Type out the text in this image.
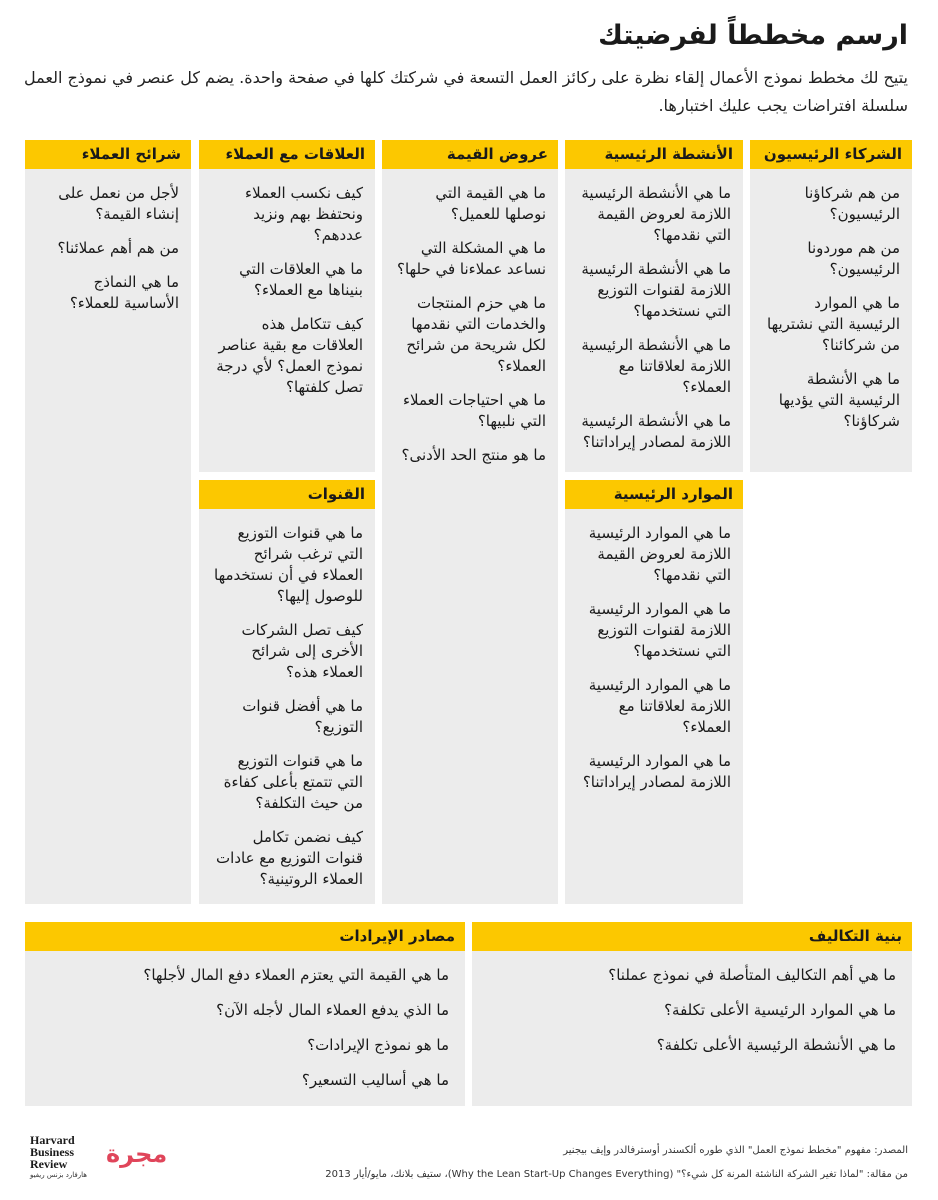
ارسم مخططاً لفرضيتك

يتيح لك مخطط نموذج الأعمال إلقاء نظرة على ركائز العمل التسعة في شركتك كلها في صفحة واحدة. يضم كل عنصر في نموذج العمل سلسلة افتراضات يجب عليك اختبارها.

الشركاء الرئيسيون

من هم شركاؤنا الرئيسيون؟

من هم موردونا الرئيسيون؟

ما هي الموارد الرئيسية التي نشتريها من شركائنا؟

ما هي الأنشطة الرئيسية التي يؤديها شركاؤنا؟

الأنشطة الرئيسية

ما هي الأنشطة الرئيسية اللازمة لعروض القيمة التي نقدمها؟

ما هي الأنشطة الرئيسية اللازمة لقنوات التوزيع التي نستخدمها؟

ما هي الأنشطة الرئيسية اللازمة لعلاقاتنا مع العملاء؟

ما هي الأنشطة الرئيسية اللازمة لمصادر إيراداتنا؟

الموارد الرئيسية

ما هي الموارد الرئيسية اللازمة لعروض القيمة التي نقدمها؟

ما هي الموارد الرئيسية اللازمة لقنوات التوزيع التي نستخدمها؟

ما هي الموارد الرئيسية اللازمة لعلاقاتنا مع العملاء؟

ما هي الموارد الرئيسية اللازمة لمصادر إيراداتنا؟

عروض القيمة

ما هي القيمة التي نوصلها للعميل؟

ما هي المشكلة التي نساعد عملاءنا في حلها؟

ما هي حزم المنتجات والخدمات التي نقدمها لكل شريحة من شرائح العملاء؟

ما هي احتياجات العملاء التي نلبيها؟

ما هو منتج الحد الأدنى؟

العلاقات مع العملاء

كيف نكسب العملاء ونحتفظ بهم ونزيد عددهم؟

ما هي العلاقات التي بنيناها مع العملاء؟

كيف تتكامل هذه العلاقات مع بقية عناصر نموذج العمل؟ لأي درجة تصل كلفتها؟

القنوات

ما هي قنوات التوزيع التي ترغب شرائح العملاء في أن نستخدمها للوصول إليها؟

كيف تصل الشركات الأخرى إلى شرائح العملاء هذه؟

ما هي أفضل قنوات التوزيع؟

ما هي قنوات التوزيع التي تتمتع بأعلى كفاءة من حيث التكلفة؟

كيف نضمن تكامل قنوات التوزيع مع عادات العملاء الروتينية؟

شرائح العملاء

لأجل من نعمل على إنشاء القيمة؟

من هم أهم عملائنا؟

ما هي النماذج الأساسية للعملاء؟

بنية التكاليف

ما هي أهم التكاليف المتأصلة في نموذج عملنا؟

ما هي الموارد الرئيسية الأعلى تكلفة؟

ما هي الأنشطة الرئيسية الأعلى تكلفة؟

مصادر الإيرادات

ما هي القيمة التي يعتزم العملاء دفع المال لأجلها؟

ما الذي يدفع العملاء المال لأجله الآن؟

ما هو نموذج الإيرادات؟

ما هي أساليب التسعير؟

Harvard
Business
Review
هارفارد بزنس ريفيو
مجرة	المصدر: مفهوم "مخطط نموذج العمل" الذي طوره ألكسندر أوسترفالدر وإيف بيجنير

من مقالة: "لماذا تغير الشركة الناشئة المرنة كل شيء؟" (Why the Lean Start-Up Changes Everything)، ستيف بلانك، مايو/أيار 2013
